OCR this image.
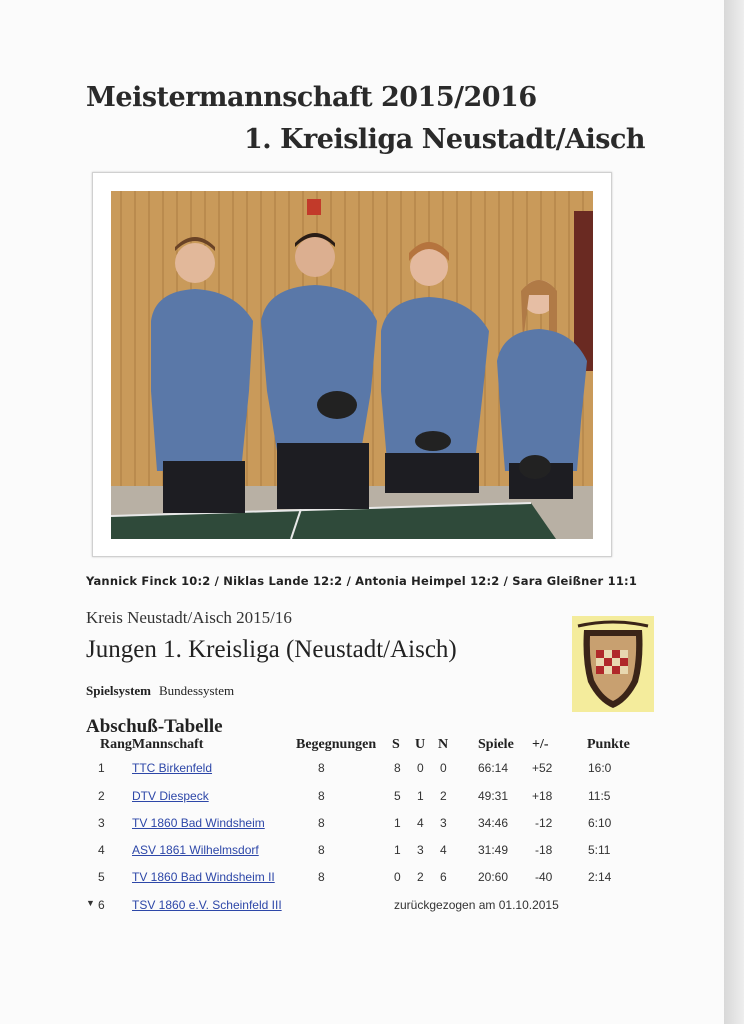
Meistermannschaft 2015/2016
1. Kreisliga Neustadt/Aisch
Yannick Finck 10:2 / Niklas Lande 12:2 / Antonia Heimpel 12:2 / Sara Gleißner 11:1
Kreis Neustadt/Aisch 2015/16
Jungen 1. Kreisliga (Neustadt/Aisch)
Spielsystem Bundessystem
Abschuß-Tabelle
RangMannschaft	Begegnungen S U N Spiele +/-	Punkte
1 TTC Birkenfeld	8	8 0 0	66:14 +52	16:0
2 DTV Diespeck	8	5 1 2	49:31 +18	11:5
3 TV 1860 Bad Windsheim	8	1 4 3	34:46 -12	6:10
4 ASV 1861 Wilhelmsdorf	8	1 3 4	31:49 -18	5:11
5 TV 1860 Bad Windsheim II	8	0 2 6	20:60 -40	2:14
▼ 6 TSV 1860 e.V. Scheinfeld III	zurückgezogen am 01.10.2015
